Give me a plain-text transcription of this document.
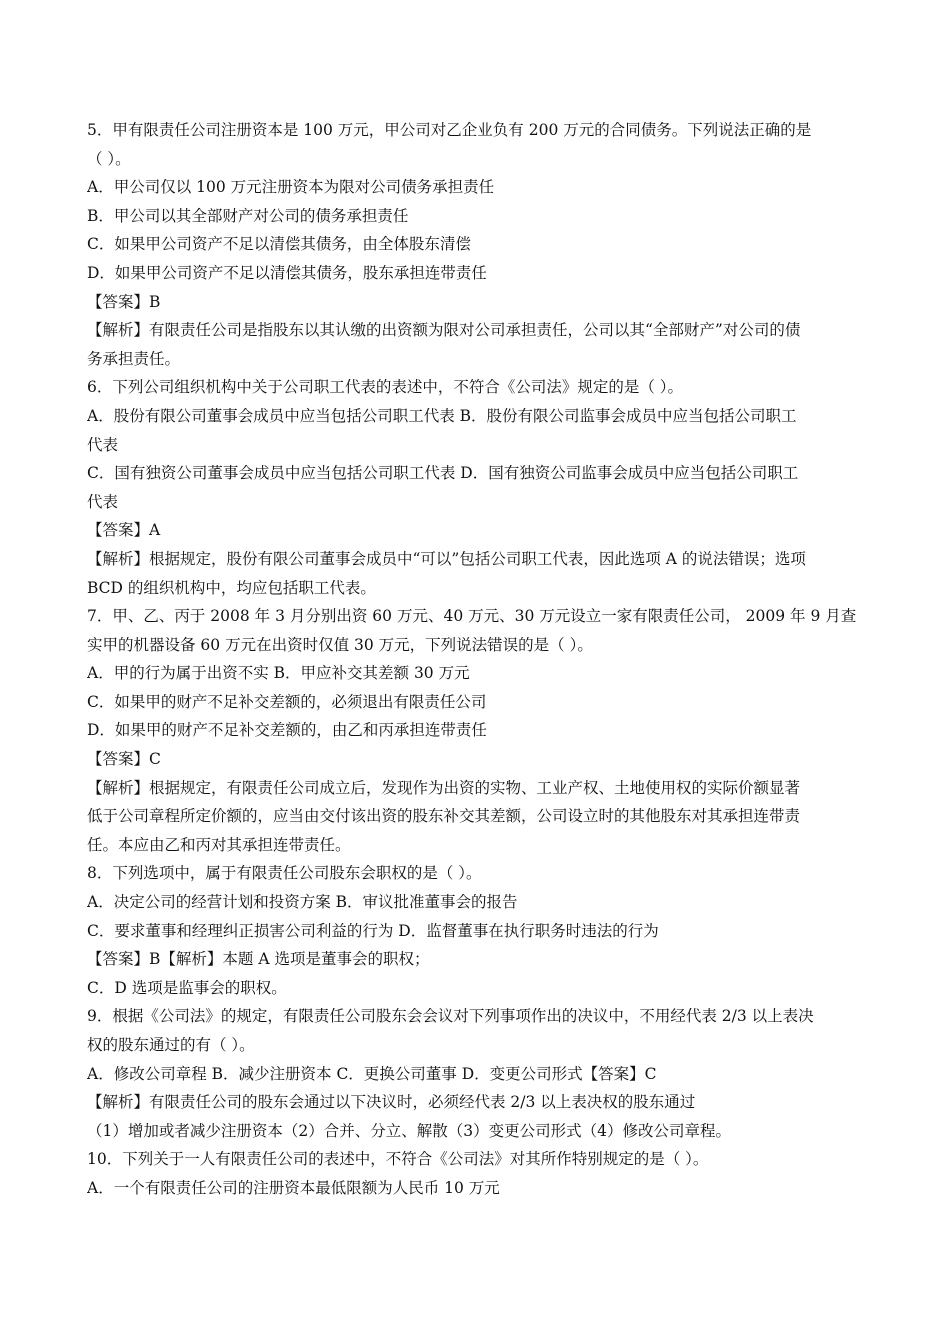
5．甲有限责任公司注册资本是 100 万元，甲公司对乙企业负有 200 万元的合同债务。下列说法正确的是
（ ）。
A．甲公司仅以 100 万元注册资本为限对公司债务承担责任
B．甲公司以其全部财产对公司的债务承担责任
C．如果甲公司资产不足以清偿其债务，由全体股东清偿
D．如果甲公司资产不足以清偿其债务，股东承担连带责任
【答案】B
【解析】有限责任公司是指股东以其认缴的出资额为限对公司承担责任，公司以其“全部财产”对公司的债
务承担责任。
6．下列公司组织机构中关于公司职工代表的表述中，不符合《公司法》规定的是（ ）。
A．股份有限公司董事会成员中应当包括公司职工代表 B．股份有限公司监事会成员中应当包括公司职工
代表
C．国有独资公司董事会成员中应当包括公司职工代表 D．国有独资公司监事会成员中应当包括公司职工
代表
【答案】A
【解析】根据规定，股份有限公司董事会成员中“可以”包括公司职工代表，因此选项 A 的说法错误；选项
BCD 的组织机构中，均应包括职工代表。
7．甲、乙、丙于 2008 年 3 月分别出资 60 万元、40 万元、30 万元设立一家有限责任公司， 2009 年 9 月查
实甲的机器设备 60 万元在出资时仅值 30 万元，下列说法错误的是（ ）。
A．甲的行为属于出资不实 B．甲应补交其差额 30 万元
C．如果甲的财产不足补交差额的，必须退出有限责任公司
D．如果甲的财产不足补交差额的，由乙和丙承担连带责任
【答案】C
【解析】根据规定，有限责任公司成立后，发现作为出资的实物、工业产权、土地使用权的实际价额显著
低于公司章程所定价额的，应当由交付该出资的股东补交其差额，公司设立时的其他股东对其承担连带责
任。本应由乙和丙对其承担连带责任。
8．下列选项中，属于有限责任公司股东会职权的是（ ）。
A．决定公司的经营计划和投资方案 B．审议批准董事会的报告
C．要求董事和经理纠正损害公司利益的行为 D．监督董事在执行职务时违法的行为
【答案】B【解析】本题 A 选项是董事会的职权；
C．D 选项是监事会的职权。
9．根据《公司法》的规定，有限责任公司股东会会议对下列事项作出的决议中，不用经代表 2/3 以上表决
权的股东通过的有（ ）。
A．修改公司章程 B．减少注册资本 C．更换公司董事 D．变更公司形式【答案】C
【解析】有限责任公司的股东会通过以下决议时，必须经代表 2/3 以上表决权的股东通过
（1）增加或者减少注册资本（2）合并、分立、解散（3）变更公司形式（4）修改公司章程。
10．下列关于一人有限责任公司的表述中，不符合《公司法》对其所作特别规定的是（ ）。
A．一个有限责任公司的注册资本最低限额为人民币 10 万元
